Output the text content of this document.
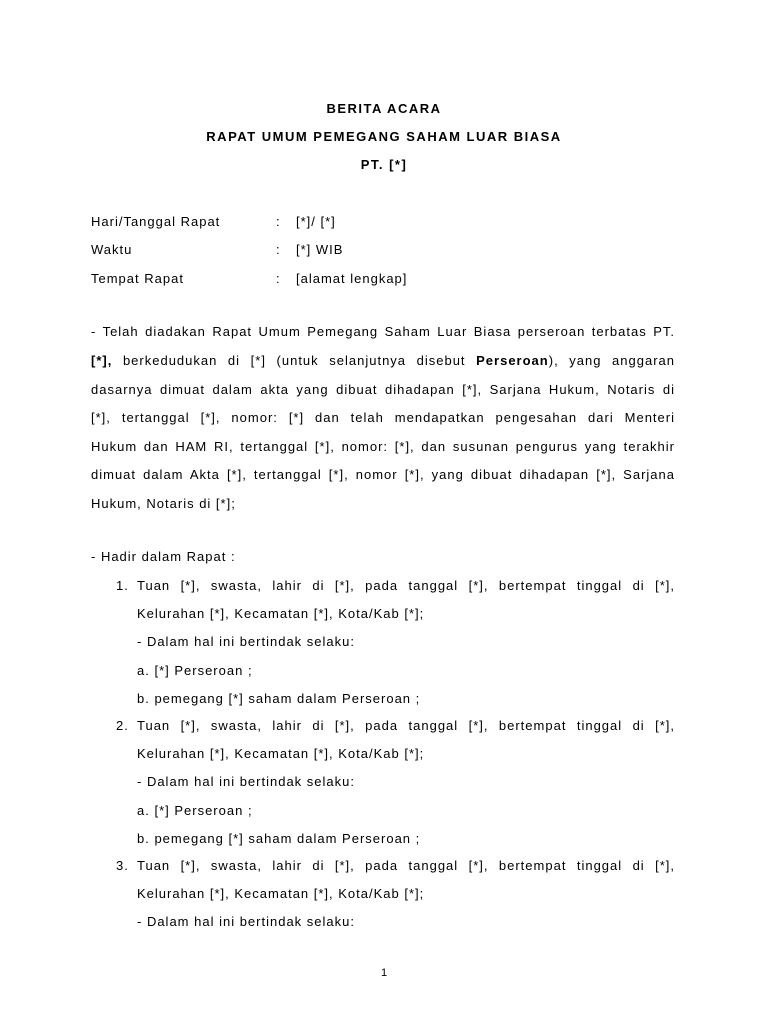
BERITA ACARA
RAPAT UMUM PEMEGANG SAHAM LUAR BIASA
PT. [*]
Hari/Tanggal Rapat	: [*]/ [*]
Waktu	: [*] WIB
Tempat Rapat	: [alamat lengkap]
- Telah diadakan Rapat Umum Pemegang Saham Luar Biasa perseroan terbatas PT.
[*], berkedudukan di [*] (untuk selanjutnya disebut Perseroan), yang anggaran
dasarnya dimuat dalam akta yang dibuat dihadapan [*], Sarjana Hukum, Notaris di
[*], tertanggal [*], nomor: [*] dan telah mendapatkan pengesahan dari Menteri
Hukum dan HAM RI, tertanggal [*], nomor: [*], dan susunan pengurus yang terakhir
dimuat dalam Akta [*], tertanggal [*], nomor [*], yang dibuat dihadapan [*], Sarjana
Hukum, Notaris di [*];
- Hadir dalam Rapat :
1. Tuan [*], swasta, lahir di [*], pada tanggal [*], bertempat tinggal di [*],
Kelurahan [*], Kecamatan [*], Kota/Kab [*];
- Dalam hal ini bertindak selaku:
a. [*] Perseroan ;
b. pemegang [*] saham dalam Perseroan ;
2. Tuan [*], swasta, lahir di [*], pada tanggal [*], bertempat tinggal di [*],
Kelurahan [*], Kecamatan [*], Kota/Kab [*];
- Dalam hal ini bertindak selaku:
a. [*] Perseroan ;
b. pemegang [*] saham dalam Perseroan ;
3. Tuan [*], swasta, lahir di [*], pada tanggal [*], bertempat tinggal di [*],
Kelurahan [*], Kecamatan [*], Kota/Kab [*];
- Dalam hal ini bertindak selaku:
1
